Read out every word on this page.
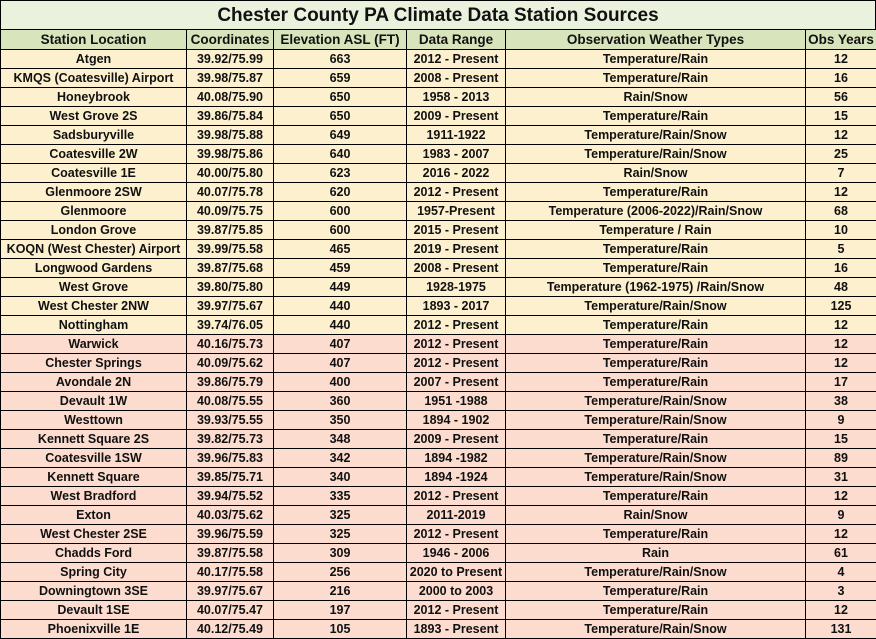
Chester County PA Climate Data Station Sources
Station Location	Coordinates	Elevation ASL (FT)	Data Range	Observation Weather Types	Obs Years
Atgen	39.92/75.99	663	2012 - Present	Temperature/Rain	12
KMQS (Coatesville) Airport	39.98/75.87	659	2008 - Present	Temperature/Rain	16
Honeybrook	40.08/75.90	650	1958 - 2013	Rain/Snow	56
West Grove 2S	39.86/75.84	650	2009 - Present	Temperature/Rain	15
Sadsburyville	39.98/75.88	649	1911-1922	Temperature/Rain/Snow	12
Coatesville 2W	39.98/75.86	640	1983 - 2007	Temperature/Rain/Snow	25
Coatesville 1E	40.00/75.80	623	2016 - 2022	Rain/Snow	7
Glenmoore 2SW	40.07/75.78	620	2012 - Present	Temperature/Rain	12
Glenmoore	40.09/75.75	600	1957-Present	Temperature (2006-2022)/Rain/Snow	68
London Grove	39.87/75.85	600	2015 - Present	Temperature / Rain	10
KOQN (West Chester) Airport	39.99/75.58	465	2019 - Present	Temperature/Rain	5
Longwood Gardens	39.87/75.68	459	2008 - Present	Temperature/Rain	16
West Grove	39.80/75.80	449	1928-1975	Temperature (1962-1975) /Rain/Snow	48
West Chester 2NW	39.97/75.67	440	1893 - 2017	Temperature/Rain/Snow	125
Nottingham	39.74/76.05	440	2012 - Present	Temperature/Rain	12
Warwick	40.16/75.73	407	2012 - Present	Temperature/Rain	12
Chester Springs	40.09/75.62	407	2012 - Present	Temperature/Rain	12
Avondale 2N	39.86/75.79	400	2007 - Present	Temperature/Rain	17
Devault 1W	40.08/75.55	360	1951 -1988	Temperature/Rain/Snow	38
Westtown	39.93/75.55	350	1894 - 1902	Temperature/Rain/Snow	9
Kennett Square 2S	39.82/75.73	348	2009 - Present	Temperature/Rain	15
Coatesville 1SW	39.96/75.83	342	1894 -1982	Temperature/Rain/Snow	89
Kennett Square	39.85/75.71	340	1894 -1924	Temperature/Rain/Snow	31
West Bradford	39.94/75.52	335	2012 - Present	Temperature/Rain	12
Exton	40.03/75.62	325	2011-2019	Rain/Snow	9
West Chester 2SE	39.96/75.59	325	2012 - Present	Temperature/Rain	12
Chadds Ford	39.87/75.58	309	1946 - 2006	Rain	61
Spring City	40.17/75.58	256	2020 to Present	Temperature/Rain/Snow	4
Downingtown 3SE	39.97/75.67	216	2000 to 2003	Temperature/Rain	3
Devault 1SE	40.07/75.47	197	2012 - Present	Temperature/Rain	12
Phoenixville 1E	40.12/75.49	105	1893 - Present	Temperature/Rain/Snow	131
